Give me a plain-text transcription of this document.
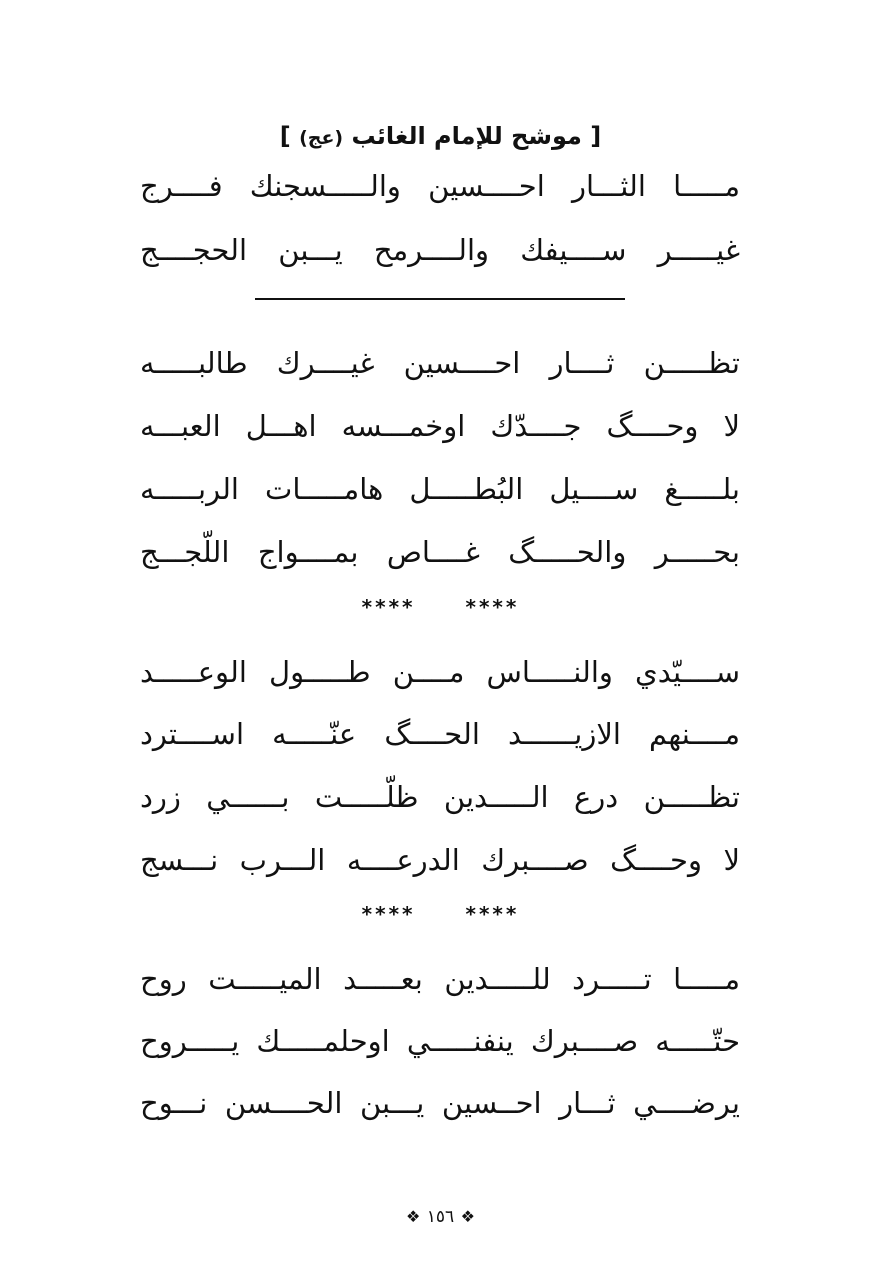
[ موشح للإمام الغائب (عج) ]
مـــــا الثـــار احــــسين والـــــسجنك فــــرج
غيـــــر ســــيفك والــــرمح يـــبن الحجــــج
تظـــــن ثــــار احــــسين غيــــرك طالبـــــه
لا وحــــگ جــــدّك اوخمـــسه اهـــل العبـــه
بلـــــغ ســــيل البُطـــــل هامـــــات الربـــــه
بحـــــر والحـــــگ غــــاص بمــــواج اللّجـــج
**** ****
ســــيّدي والنـــــاس مــــن طـــــول الوعـــــد
مــــنهم الازيــــــد الحــــگ عنّـــــه اســــترد
تظـــــن درع الـــــدين ظلّـــــت بــــــي زرد
لا وحــــگ صــــبرك الدرعــــه الـــرب نـــسج
**** ****
مـــــا تـــــرد للـــــدين بعـــــد الميـــــت روح
حتّـــــه صــــبرك ينفنـــــي اوحلمـــــك يـــــروح
يرضــــي ثـــار احــسين يـــبن الحــــسن نـــوح
❖ ١٥٦ ❖
